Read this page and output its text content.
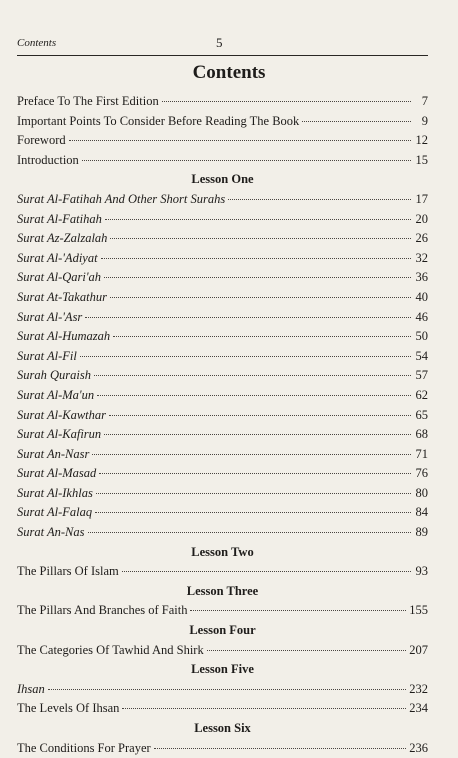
Contents	5
Contents
Preface To The First Edition	7
Important Points To Consider Before Reading The Book	9
Foreword	12
Introduction	15
Lesson One
Surat Al-Fatihah And Other Short Surahs	17
Surat Al-Fatihah	20
Surat Az-Zalzalah	26
Surat Al-'Adiyat	32
Surat Al-Qari'ah	36
Surat At-Takathur	40
Surat Al-'Asr	46
Surat Al-Humazah	50
Surat Al-Fil	54
Surah Quraish	57
Surat Al-Ma'un	62
Surat Al-Kawthar	65
Surat Al-Kafirun	68
Surat An-Nasr	71
Surat Al-Masad	76
Surat Al-Ikhlas	80
Surat Al-Falaq	84
Surat An-Nas	89
Lesson Two
The Pillars Of Islam	93
Lesson Three
The Pillars And Branches of Faith	155
Lesson Four
The Categories Of Tawhid And Shirk	207
Lesson Five
Ihsan	232
The Levels Of Ihsan	234
Lesson Six
The Conditions For Prayer	236
